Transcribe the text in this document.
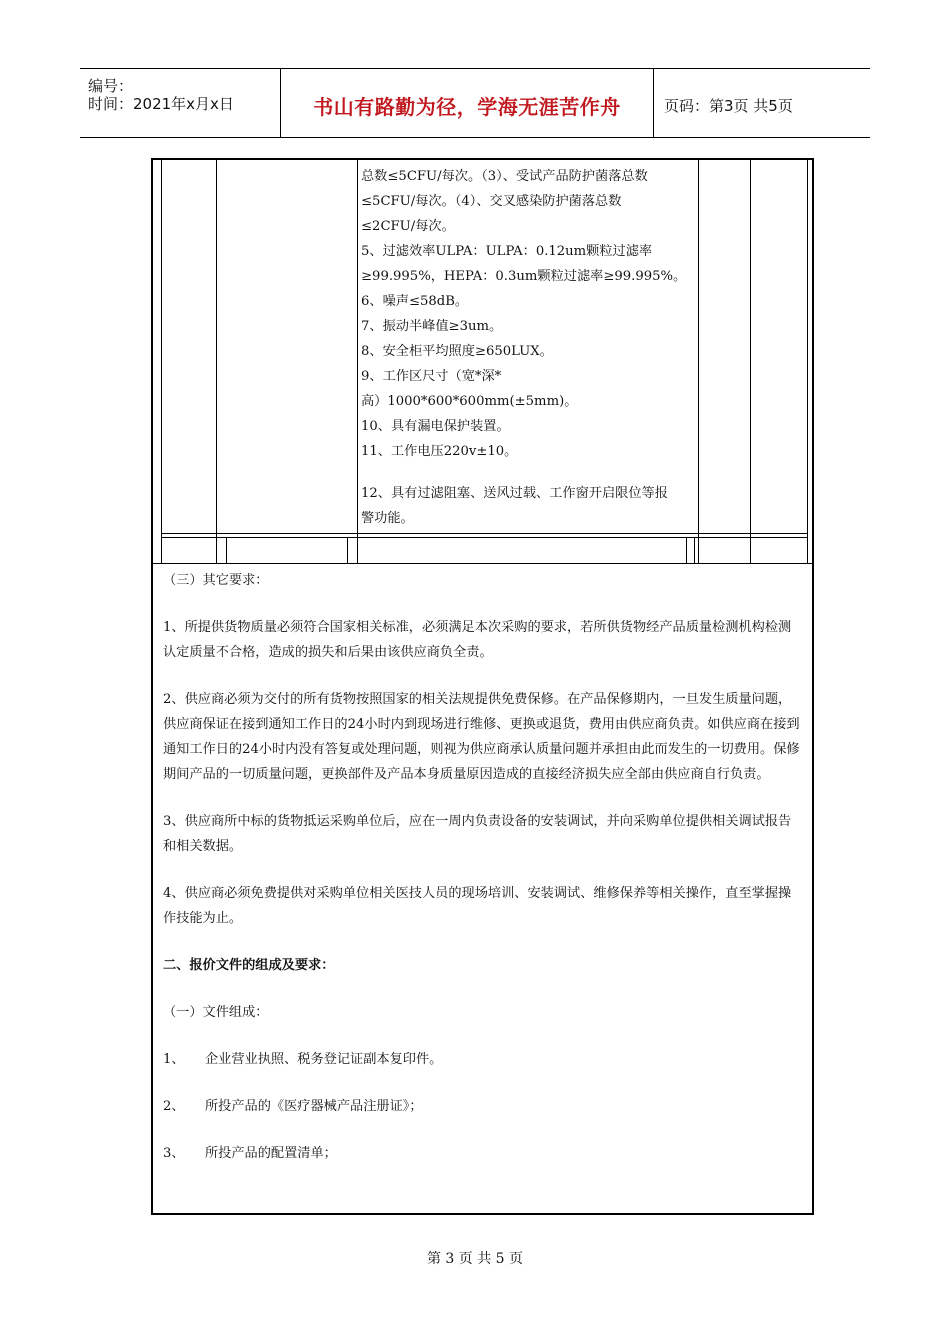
编号：
时间：2021年x月x日	书山有路勤为径，学海无涯苦作舟	页码：第3页 共5页
总数≤5CFU/每次。（3）、受试产品防护菌落总数
≤5CFU/每次。（4）、交叉感染防护菌落总数
≤2CFU/每次。
5、过滤效率ULPA：ULPA：0.12um颗粒过滤率
≥99.995%，HEPA：0.3um颗粒过滤率≥99.995%。
6、噪声≤58dB。
7、振动半峰值≥3um。
8、安全柜平均照度≥650LUX。
9、工作区尺寸（宽*深*
高）1000*600*600mm(±5mm)。
10、具有漏电保护装置。
11、工作电压220v±10。
12、具有过滤阻塞、送风过载、工作窗开启限位等报
警功能。

（三）其它要求：

1、所提供货物质量必须符合国家相关标准，必须满足本次采购的要求，若所供货物经产品质量检测机构检测认定质量不合格，造成的损失和后果由该供应商负全责。

2、供应商必须为交付的所有货物按照国家的相关法规提供免费保修。在产品保修期内，一旦发生质量问题，供应商保证在接到通知工作日的24小时内到现场进行维修、更换或退货，费用由供应商负责。如供应商在接到通知工作日的24小时内没有答复或处理问题，则视为供应商承认质量问题并承担由此而发生的一切费用。保修期间产品的一切质量问题，更换部件及产品本身质量原因造成的直接经济损失应全部由供应商自行负责。

3、供应商所中标的货物抵运采购单位后，应在一周内负责设备的安装调试，并向采购单位提供相关调试报告和相关数据。

4、供应商必须免费提供对采购单位相关医技人员的现场培训、安装调试、维修保养等相关操作，直至掌握操作技能为止。

二、报价文件的组成及要求：

（一）文件组成：

1、	企业营业执照、税务登记证副本复印件。

2、	所投产品的《医疗器械产品注册证》；

3、	所投产品的配置清单；

第 3 页 共 5 页
